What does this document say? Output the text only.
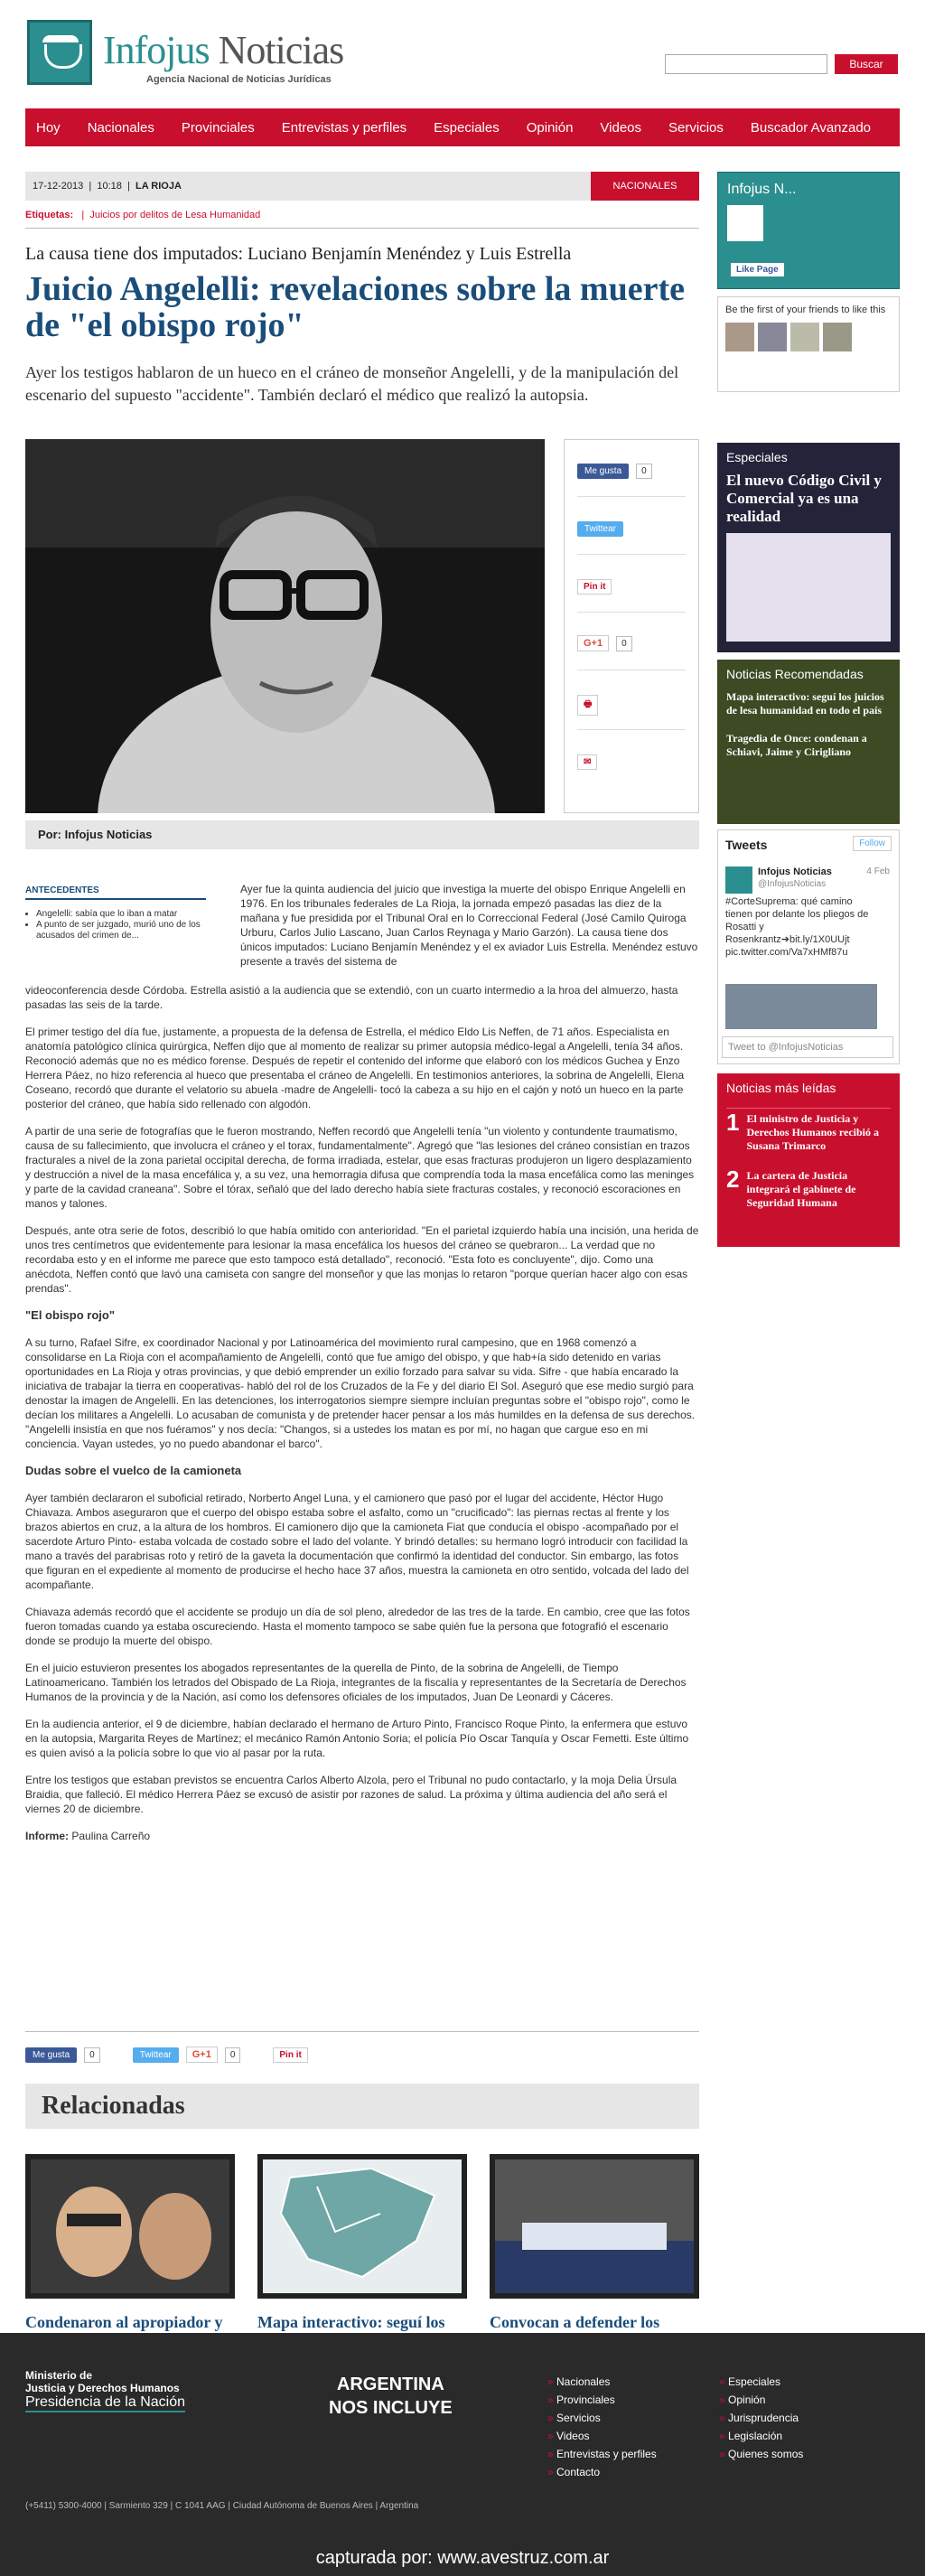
Infojus Noticias
Agencia Nacional de Noticias Jurídicas
Buscar
Hoy Nacionales Provinciales Entrevistas y perfiles Especiales Opinión Videos Servicios Buscador Avanzado
17-12-2013  |  10:18  |  LA RIOJA	NACIONALES
Etiquetas:   |  Juicios por delitos de Lesa Humanidad
La causa tiene dos imputados: Luciano Benjamín Menéndez y Luis Estrella
Juicio Angelelli: revelaciones sobre la muerte de "el obispo rojo"
Ayer los testigos hablaron de un hueco en el cráneo de monseñor Angelelli, y de la manipulación del escenario del supuesto "accidente". También declaró el médico que realizó la autopsia.
Me gusta	0
Twittear
Pin it
G+1	0
🖶
✉
Por: Infojus Noticias
ANTECEDENTES
• Angelelli: sabía que lo iban a matar
• A punto de ser juzgado, murió uno de los acusados del crimen de...
Ayer fue la quinta audiencia del juicio que investiga la muerte del obispo Enrique Angelelli en 1976. En los tribunales federales de La Rioja, la jornada empezó pasadas las diez de la mañana y fue presidida por el Tribunal Oral en lo Correccional Federal (José Camilo Quiroga Urburu, Carlos Julio Lascano, Juan Carlos Reynaga y Mario Garzón). La causa tiene dos únicos imputados: Luciano Benjamín Menéndez y el ex aviador Luis Estrella. Menéndez estuvo presente a través del sistema de

videoconferencia desde Córdoba. Estrella asistió a la audiencia que se extendió, con un cuarto intermedio a la hroa del almuerzo, hasta pasadas las seis de la tarde.

El primer testigo del día fue, justamente, a propuesta de la defensa de Estrella, el médico Eldo Lis Neffen, de 71 años. Especialista en anatomía patológico clínica quirúrgica, Neffen dijo que al momento de realizar su primer autopsia médico-legal a Angelelli, tenía 34 años. Reconoció además que no es médico forense. Después de repetir el contenido del informe que elaboró con los médicos Guchea y Enzo Herrera Páez, no hizo referencia al hueco que presentaba el cráneo de Angelelli. En testimonios anteriores, la sobrina de Angelelli, Elena Coseano, recordó que durante el velatorio su abuela -madre de Angelelli- tocó la cabeza a su hijo en el cajón y notó un hueco en la parte posterior del cráneo, que había sido rellenado con algodón.

A partir de una serie de fotografías que le fueron mostrando, Neffen recordó que Angelelli tenía "un violento y contundente traumatismo, causa de su fallecimiento, que involucra el cráneo y el torax, fundamentalmente". Agregó que "las lesiones del cráneo consistían en trazos fracturales a nivel de la zona parietal occipital derecha, de forma irradiada, estelar, que esas fracturas produjeron un ligero desplazamiento y destrucción a nivel de la masa encefálica y, a su vez, una hemorragia difusa que comprendía toda la masa encefálica como las meninges y parte de la cavidad craneana". Sobre el tórax, señaló que del lado derecho había siete fracturas costales, y reconoció escoraciones en manos y talones.

Después, ante otra serie de fotos, describió lo que había omitido con anterioridad. "En el parietal izquierdo había una incisión, una herida de unos tres centímetros que evidentemente para lesionar la masa encefálica los huesos del cráneo se quebraron... La verdad que no recordaba esto y en el informe me parece que esto tampoco está detallado", reconoció. "Esta foto es concluyente", dijo. Como una anécdota, Neffen contó que lavó una camiseta con sangre del monseñor y que las monjas lo retaron "porque querían hacer algo con esas prendas".

"El obispo rojo"

A su turno, Rafael Sifre, ex coordinador Nacional y por Latinoamérica del movimiento rural campesino, que en 1968 comenzó a consolidarse en La Rioja con el acompañamiento de Angelelli, contó que fue amigo del obispo, y que hab+ía sido detenido en varias oportunidades en La Rioja y otras provincias, y que debió emprender un exilio forzado para salvar su vida. Sifre - que había encarado la iniciativa de trabajar la tierra en cooperativas- habló del rol de los Cruzados de la Fe y del diario El Sol. Aseguró que ese medio surgió para denostar la imagen de Angelelli. En las detenciones, los interrogatorios siempre siempre incluían preguntas sobre el "obispo rojo", como le decían los militares a Angelelli. Lo acusaban de comunista y de pretender hacer pensar a los más humildes en la defensa de sus derechos. "Angelelli insistía en que nos fuéramos" y nos decía: "Changos, si a ustedes los matan es por mí, no hagan que cargue eso en mi conciencia. Vayan ustedes, yo no puedo abandonar el barco".

Dudas sobre el vuelco de la camioneta

Ayer también declararon el suboficial retirado, Norberto Angel Luna, y el camionero que pasó por el lugar del accidente, Héctor Hugo Chiavaza. Ambos aseguraron que el cuerpo del obispo estaba sobre el asfalto, como un "crucificado": las piernas rectas al frente y los brazos abiertos en cruz, a la altura de los hombros. El camionero dijo que la camioneta Fiat que conducía el obispo -acompañado por el sacerdote Arturo Pinto- estaba volcada de costado sobre el lado del volante. Y brindó detalles: su hermano logró introducir con facilidad la mano a través del parabrisas roto y retiró de la gaveta la documentación que confirmó la identidad del conductor. Sin embargo, las fotos que figuran en el expediente al momento de producirse el hecho hace 37 años, muestra la camioneta en otro sentido, volcada del lado del acompañante.

Chiavaza además recordó que el accidente se produjo un día de sol pleno, alrededor de las tres de la tarde. En cambio, cree que las fotos fueron tomadas cuando ya estaba oscureciendo. Hasta el momento tampoco se sabe quién fue la persona que fotografió el escenario donde se produjo la muerte del obispo.

En el juicio estuvieron presentes los abogados representantes de la querella de Pinto, de la sobrina de Angelelli, de Tiempo Latinoamericano. También los letrados del Obispado de La Rioja, integrantes de la fiscalía y representantes de la Secretaría de Derechos Humanos de la provincia y de la Nación, así como los defensores oficiales de los imputados, Juan De Leonardi y Cáceres.

En la audiencia anterior, el 9 de diciembre, habían declarado el hermano de Arturo Pinto, Francisco Roque Pinto, la enfermera que estuvo en la autopsia, Margarita Reyes de Martínez; el mecánico Ramón Antonio Soria; el policía Pío Oscar Tanquía y Oscar Femetti. Este último es quien avisó a la policía sobre lo que vio al pasar por la ruta.

Entre los testigos que estaban previstos se encuentra Carlos Alberto Alzola, pero el Tribunal no pudo contactarlo, y la moja Delia Úrsula Braidia, que falleció. El médico Herrera Páez se excusó de asistir por razones de salud. La próxima y última audiencia del año será el viernes 20 de diciembre.

Informe: Paulina Carreño

Me gusta	0	Twittear	G+1	0	Pin it
Relacionadas
Condenaron al apropiador y	Mapa interactivo: seguí los	Convocan a defender los
Infojus N...
Like Page
Be the first of your friends to like this
Especiales
El nuevo Código Civil y Comercial ya es una realidad
Noticias Recomendadas
Mapa interactivo: seguí los juicios de lesa humanidad en todo el país
Tragedia de Once: condenan a Schiavi, Jaime y Cirigliano
Tweets	Follow
Infojus Noticias	4 Feb
@InfojusNoticias
#CorteSuprema: qué camino tienen por delante los pliegos de Rosatti y Rosenkrantz➔bit.ly/1X0UUjt pic.twitter.com/Va7xHMf87u
Tweet to @InfojusNoticias
Noticias más leídas
1 El ministro de Justicia y Derechos Humanos recibió a Susana Trimarco
2 La cartera de Justicia integrará el gabinete de Seguridad Humana
Ministerio de
Justicia y Derechos Humanos
Presidencia de la Nación
ARGENTINA
NOS INCLUYE
(+5411) 5300-4000 | Sarmiento 329 | C 1041 AAG | Ciudad Autónoma de Buenos Aires | Argentina
» Nacionales
» Provinciales
» Servicios
» Videos
» Entrevistas y perfiles
» Contacto
» Especiales
» Opinión
» Jurisprudencia
» Legislación
» Quienes somos
capturada por: www.avestruz.com.ar
